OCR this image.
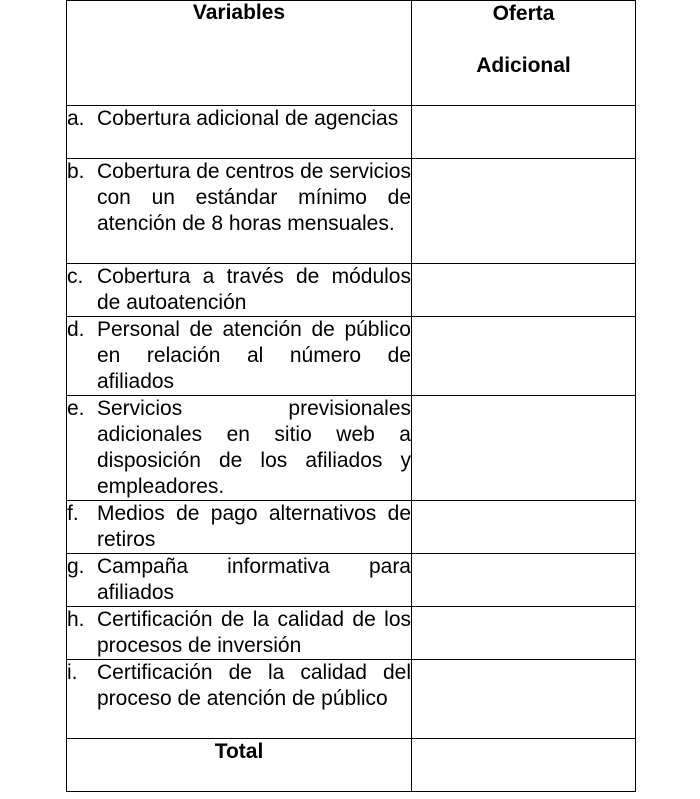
Variables	Oferta
Adicional

a. Cobertura adicional de agencias	

b. Cobertura de centros de servicios con un estándar mínimo de atención de 8 horas mensuales.	

c. Cobertura a través de módulos de autoatención	

d. Personal de atención de público en relación al número de afiliados	

e. Servicios previsionales adicionales en sitio web a disposición de los afiliados y empleadores.	

f. Medios de pago alternativos de retiros	

g. Campaña informativa para afiliados	

h. Certificación de la calidad de los procesos de inversión	

i. Certificación de la calidad del proceso de atención de público	

Total	
